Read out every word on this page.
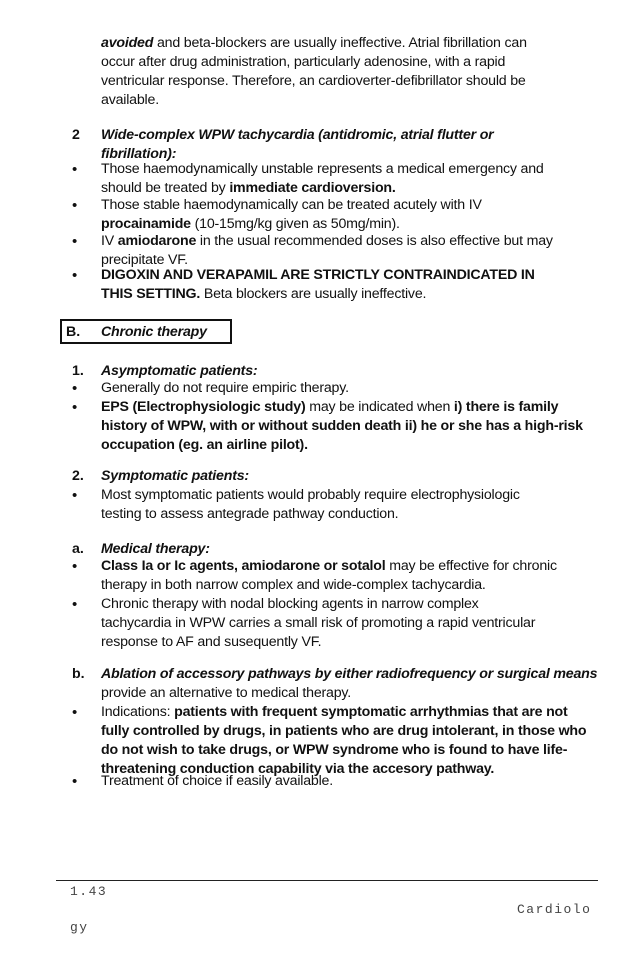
avoided and beta-blockers are usually ineffective. Atrial fibrillation can
occur after drug administration, particularly adenosine, with a rapid
ventricular response. Therefore, an cardioverter-defibrillator should be
available.
2 Wide-complex WPW tachycardia (antidromic, atrial flutter or
fibrillation):
• Those haemodynamically unstable represents a medical emergency and
should be treated by immediate cardioversion.
• Those stable haemodynamically can be treated acutely with IV
procainamide (10-15mg/kg given as 50mg/min).
• IV amiodarone in the usual recommended doses is also effective but may
precipitate VF.
• DIGOXIN AND VERAPAMIL ARE STRICTLY CONTRAINDICATED IN
THIS SETTING. Beta blockers are usually ineffective.
B. Chronic therapy
1. Asymptomatic patients:
• Generally do not require empiric therapy.
• EPS (Electrophysiologic study) may be indicated when i) there is family
history of WPW, with or without sudden death ii) he or she has a high-risk
occupation (eg. an airline pilot).
2. Symptomatic patients:
• Most symptomatic patients would probably require electrophysiologic
testing to assess antegrade pathway conduction.
a. Medical therapy:
• Class Ia or Ic agents, amiodarone or sotalol may be effective for chronic
therapy in both narrow complex and wide-complex tachycardia.
• Chronic therapy with nodal blocking agents in narrow complex
tachycardia in WPW carries a small risk of promoting a rapid ventricular
response to AF and susequently VF.
b. Ablation of accessory pathways by either radiofrequency or surgical means
provide an alternative to medical therapy.
• Indications: patients with frequent symptomatic arrhythmias that are not
fully controlled by drugs, in patients who are drug intolerant, in those who
do not wish to take drugs, or WPW syndrome who is found to have life-
threatening conduction capability via the accesory pathway.
• Treatment of choice if easily available.
1.43
Cardiolo
gy
